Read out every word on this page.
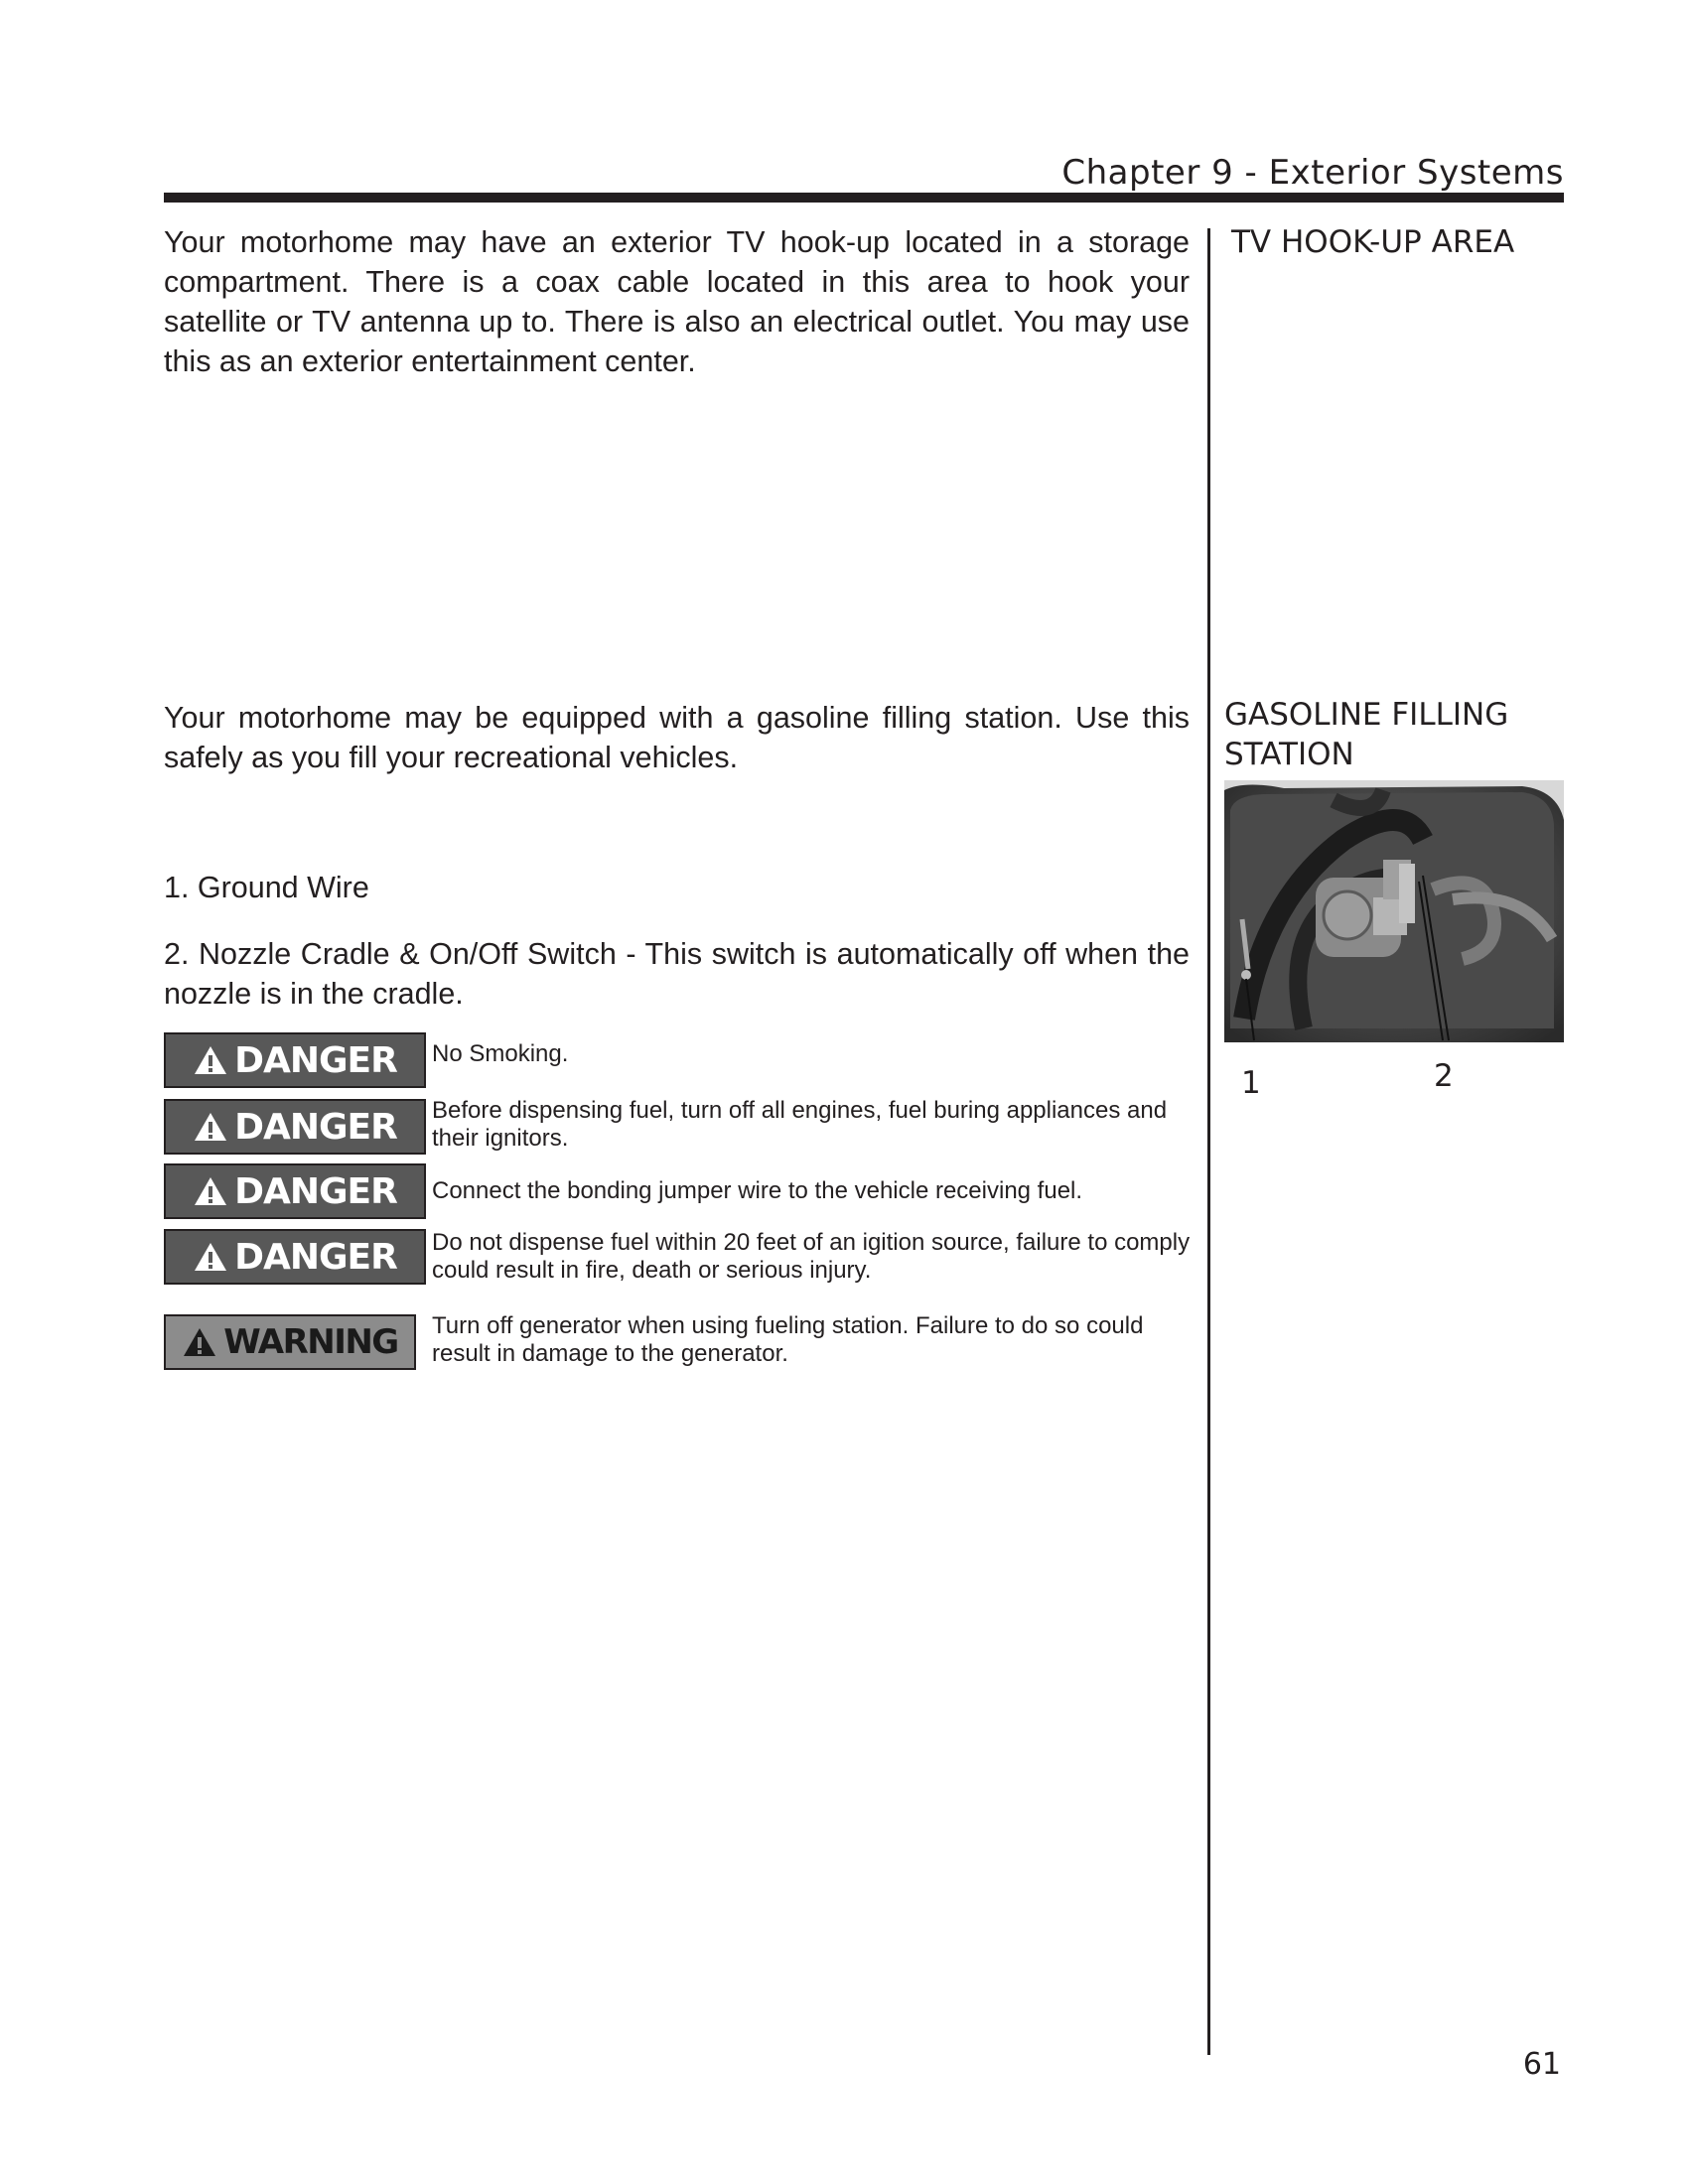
Chapter 9 - Exterior Systems
Your motorhome may have an exterior TV hook-up located in a storage compartment. There is a coax cable located in this area to hook your satellite or TV antenna up to. There is also an electrical outlet. You may use this as an exterior entertainment center.
TV HOOK-UP AREA
Your motorhome may be equipped with a gasoline filling station. Use this safely as you fill your recreational vehicles.
GASOLINE FILLING
STATION
1. Ground Wire
2. Nozzle Cradle & On/Off Switch - This switch is automatically off when the nozzle is in the cradle.
1	2
DANGER No Smoking.
DANGER Before dispensing fuel, turn off all engines, fuel buring appliances and their ignitors.
DANGER Connect the bonding jumper wire to the vehicle receiving fuel.
DANGER Do not dispense fuel within 20 feet of an igition source, failure to comply could result in fire, death or serious injury.
WARNING Turn off generator when using fueling station. Failure to do so could result in damage to the generator.
61
